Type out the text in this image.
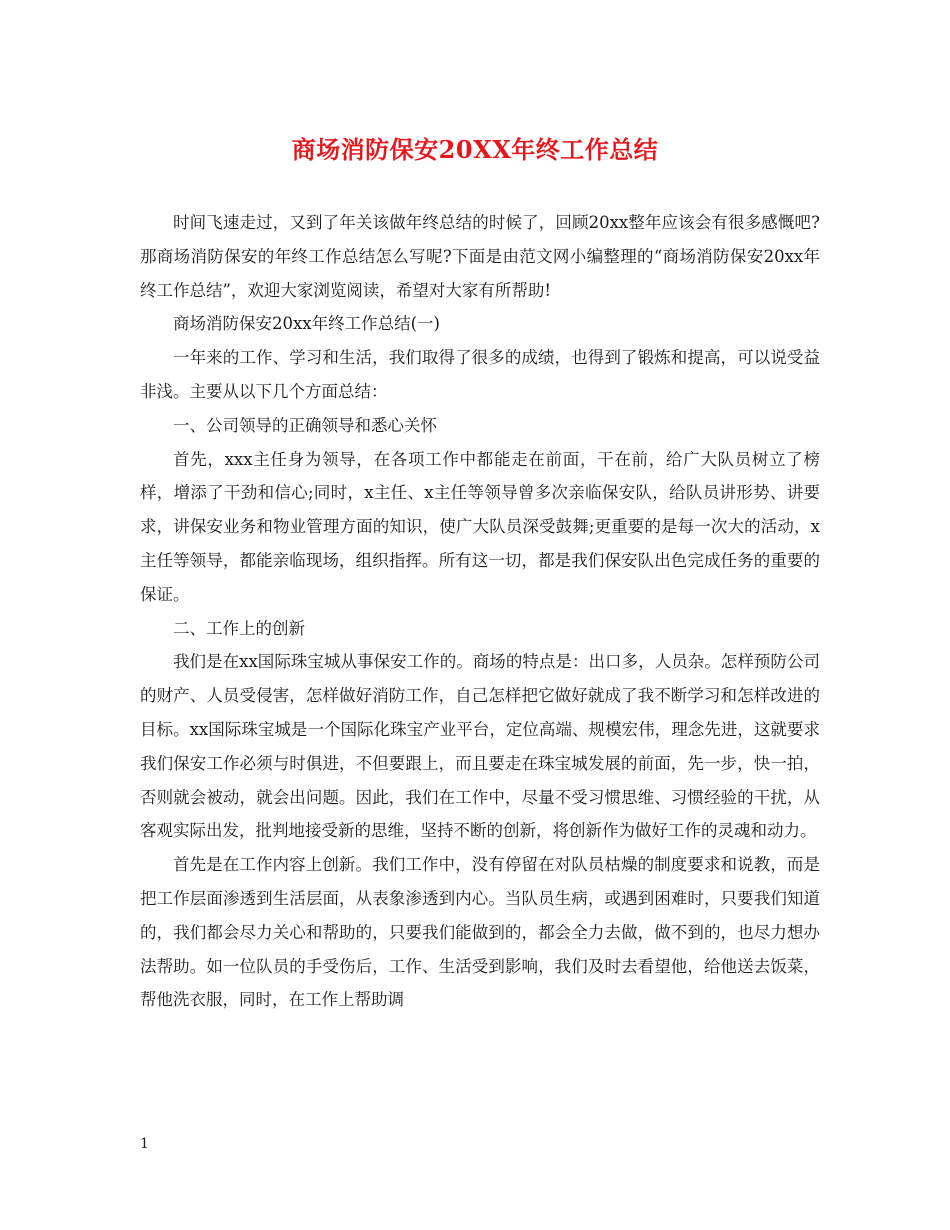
商场消防保安20XX年终工作总结

时间飞速走过，又到了年关该做年终总结的时候了，回顾20xx整年应该会有很多感慨吧?那商场消防保安的年终工作总结怎么写呢?下面是由范文网小编整理的“商场消防保安20xx年终工作总结”，欢迎大家浏览阅读，希望对大家有所帮助!

商场消防保安20xx年终工作总结(一)

一年来的工作、学习和生活，我们取得了很多的成绩，也得到了锻炼和提高，可以说受益非浅。主要从以下几个方面总结：

一、公司领导的正确领导和悉心关怀

首先，xxx主任身为领导，在各项工作中都能走在前面，干在前，给广大队员树立了榜样，增添了干劲和信心;同时，x主任、x主任等领导曾多次亲临保安队，给队员讲形势、讲要求，讲保安业务和物业管理方面的知识，使广大队员深受鼓舞;更重要的是每一次大的活动，x主任等领导，都能亲临现场，组织指挥。所有这一切，都是我们保安队出色完成任务的重要的保证。

二、工作上的创新

我们是在xx国际珠宝城从事保安工作的。商场的特点是：出口多，人员杂。怎样预防公司的财产、人员受侵害，怎样做好消防工作，自己怎样把它做好就成了我不断学习和怎样改进的目标。xx国际珠宝城是一个国际化珠宝产业平台，定位高端、规模宏伟，理念先进，这就要求我们保安工作必须与时俱进，不但要跟上，而且要走在珠宝城发展的前面，先一步，快一拍，否则就会被动，就会出问题。因此，我们在工作中，尽量不受习惯思维、习惯经验的干扰，从客观实际出发，批判地接受新的思维，坚持不断的创新，将创新作为做好工作的灵魂和动力。

首先是在工作内容上创新。我们工作中，没有停留在对队员枯燥的制度要求和说教，而是把工作层面渗透到生活层面，从表象渗透到内心。当队员生病，或遇到困难时，只要我们知道的，我们都会尽力关心和帮助的，只要我们能做到的，都会全力去做，做不到的，也尽力想办法帮助。如一位队员的手受伤后，工作、生活受到影响，我们及时去看望他，给他送去饭菜，帮他洗衣服，同时，在工作上帮助调

1
